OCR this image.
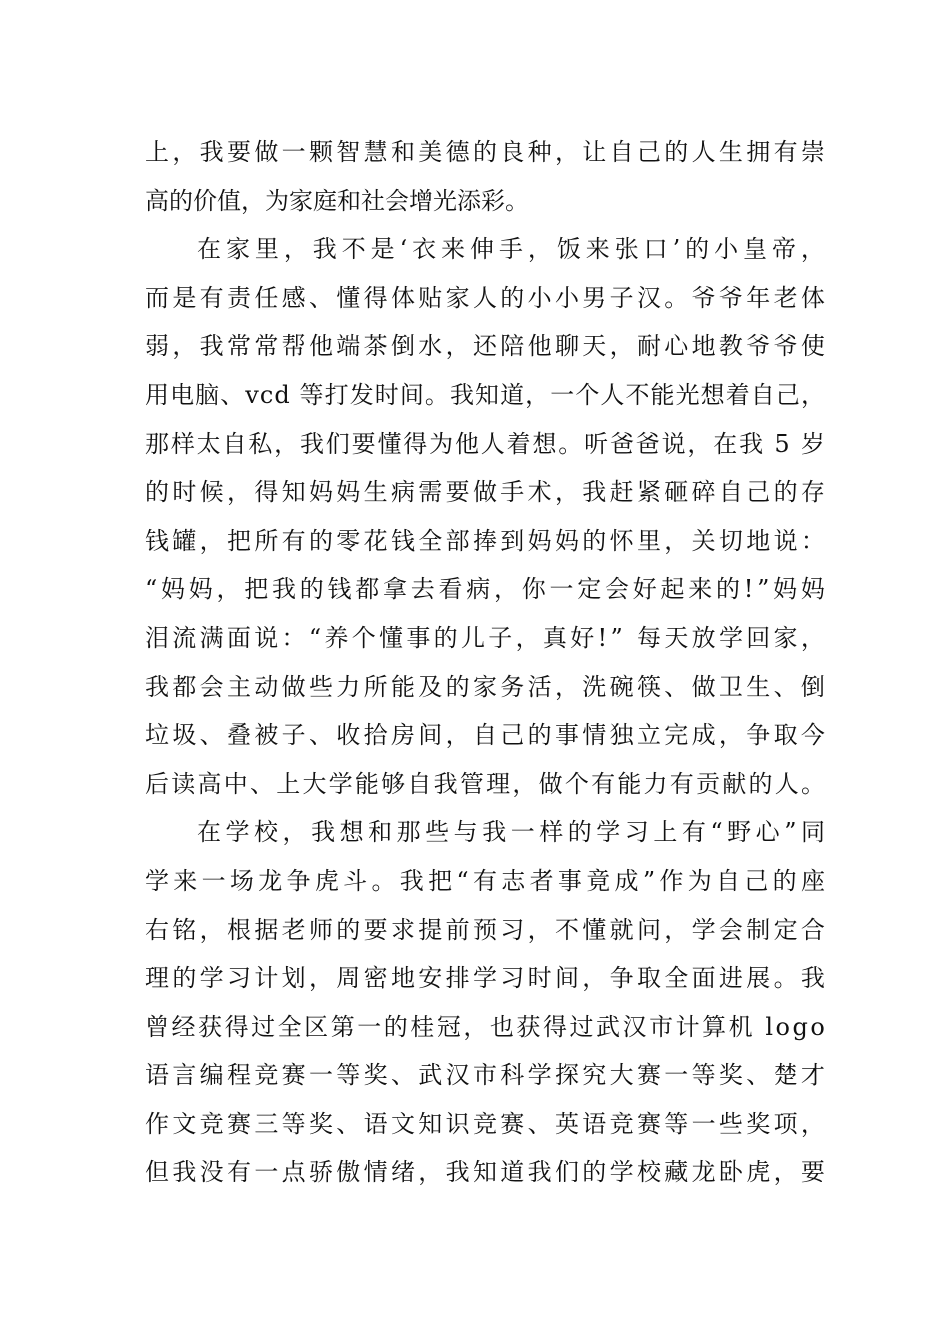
上，我要做一颗智慧和美德的良种，让自己的人生拥有崇
高的价值，为家庭和社会增光添彩。
在家里，我不是‘衣来伸手，饭来张口’的小皇帝，
而是有责任感、懂得体贴家人的小小男子汉。爷爷年老体
弱，我常常帮他端茶倒水，还陪他聊天，耐心地教爷爷使
用电脑、vcd 等打发时间。我知道，一个人不能光想着自己，
那样太自私，我们要懂得为他人着想。听爸爸说，在我 5 岁
的时候，得知妈妈生病需要做手术，我赶紧砸碎自己的存
钱罐，把所有的零花钱全部捧到妈妈的怀里，关切地说：
“妈妈，把我的钱都拿去看病，你一定会好起来的!”妈妈
泪流满面说：“养个懂事的儿子，真好!” 每天放学回家，
我都会主动做些力所能及的家务活，洗碗筷、做卫生、倒
垃圾、叠被子、收拾房间，自己的事情独立完成，争取今
后读高中、上大学能够自我管理，做个有能力有贡献的人。
在学校，我想和那些与我一样的学习上有“野心”同
学来一场龙争虎斗。我把“有志者事竟成”作为自己的座
右铭，根据老师的要求提前预习，不懂就问，学会制定合
理的学习计划，周密地安排学习时间，争取全面进展。我
曾经获得过全区第一的桂冠，也获得过武汉市计算机 logo
语言编程竞赛一等奖、武汉市科学探究大赛一等奖、楚才
作文竞赛三等奖、语文知识竞赛、英语竞赛等一些奖项，
但我没有一点骄傲情绪，我知道我们的学校藏龙卧虎，要
